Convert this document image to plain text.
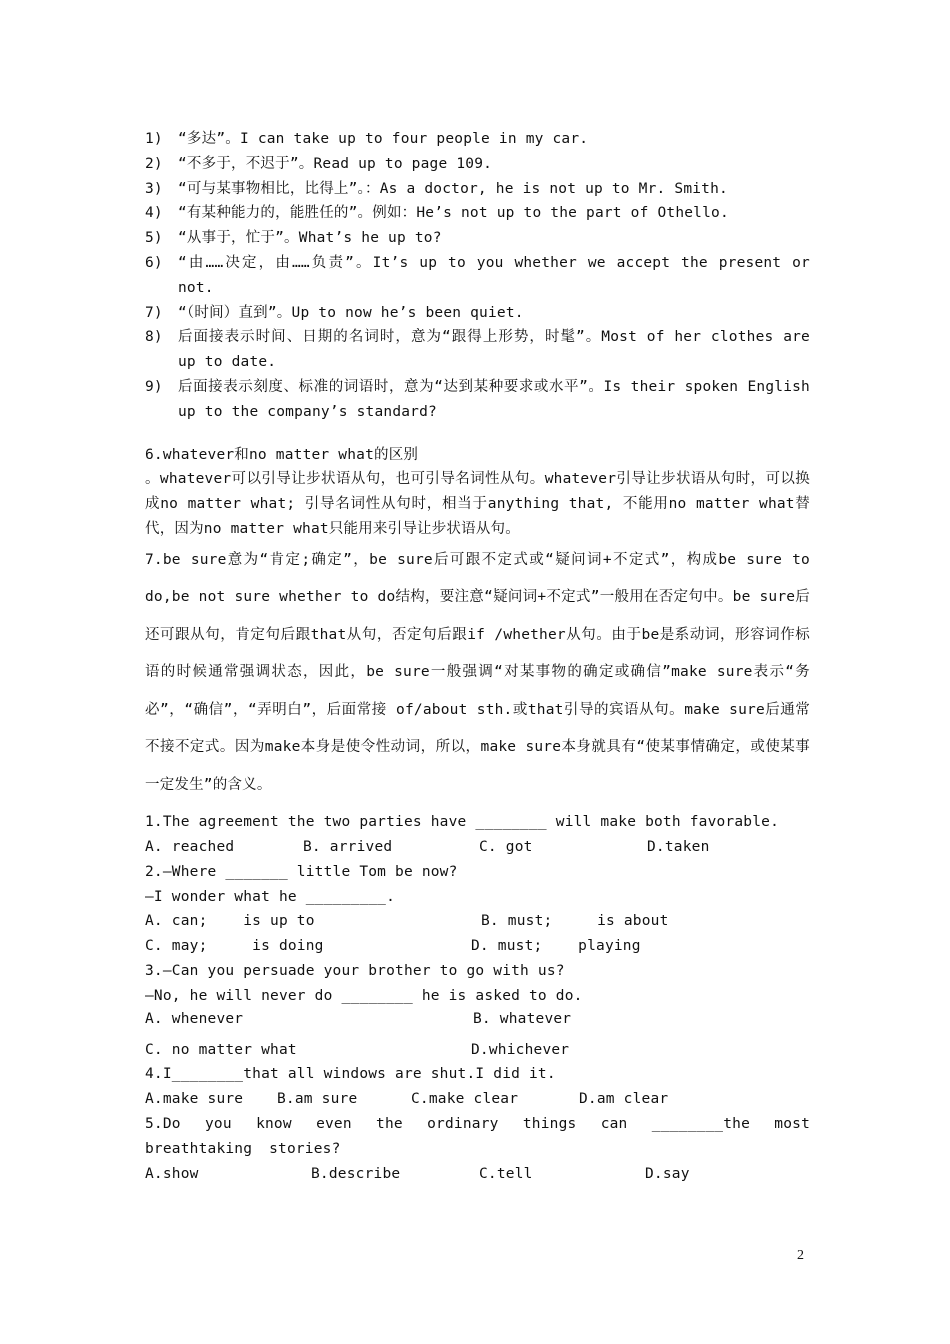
1)	“多达”。I can take up to four people in my car.
2)	“不多于，不迟于”。Read up to page 109.
3)	“可与某事物相比，比得上”。：As a doctor, he is not up to Mr. Smith.
4)	“有某种能力的，能胜任的”。例如：He’s not up to the part of Othello.
5)	“从事于，忙于”。What’s he up to?
6)	“由……决定，由……负责”。It’s up to you whether we accept the present or not.
7)	“（时间）直到”。Up to now he’s been quiet.
8)	后面接表示时间、日期的名词时，意为“跟得上形势，时髦”。Most of her clothes are up to date.
9)	后面接表示刻度、标准的词语时，意为“达到某种要求或水平”。Is their spoken English up to the company’s standard?
6.whatever和no matter what的区别
。whatever可以引导让步状语从句，也可引导名词性从句。whatever引导让步状语从句时，可以换成no matter what; 引导名词性从句时，相当于anything that, 不能用no matter what替代，因为no matter what只能用来引导让步状语从句。
7.be sure意为“肯定;确定”，be sure后可跟不定式或“疑问词+不定式”，构成be sure to do,be not sure whether to do结构，要注意“疑问词+不定式”一般用在否定句中。be sure后还可跟从句，肯定句后跟that从句，否定句后跟if /whether从句。由于be是系动词，形容词作标语的时候通常强调状态，因此，be sure一般强调“对某事物的确定或确信”make sure表示“务必”，“确信”，“弄明白”，后面常接 of/about sth.或that引导的宾语从句。make sure后通常不接不定式。因为make本身是使令性动词，所以，make sure本身就具有“使某事情确定，或使某事一定发生”的含义。
1.The agreement the two parties have ________ will make both favorable.
A. reached	B. arrived	C. got	D.taken
2.—Where _______ little Tom be now?
—I wonder what he _________.
A. can;    is up to	B. must;     is about
C. may;     is doing	D. must;    playing
3.—Can you persuade your brother to go with us?
—No, he will never do ________ he is asked to do.
A. whenever	B. whatever
C. no matter what	D.whichever
4.I________that all windows are shut.I did it.
A.make sure	B.am sure	C.make clear	D.am clear
5.Do you know even the ordinary things can ________the most breathtaking stories?
A.show	B.describe	C.tell	D.say
2
